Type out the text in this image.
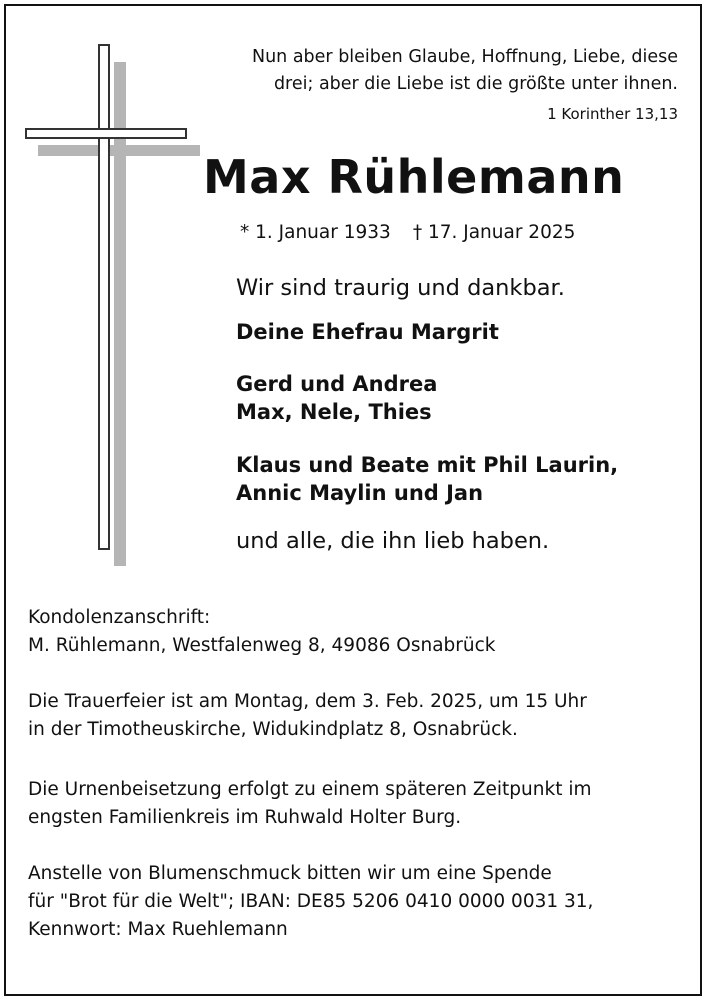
Nun aber bleiben Glaube, Hoffnung, Liebe, diese
drei; aber die Liebe ist die größte unter ihnen.
1 Korinther 13,13
Max Rühlemann
* 1. Januar 1933 † 17. Januar 2025
Wir sind traurig und dankbar.
Deine Ehefrau Margrit
Gerd und Andrea
Max, Nele, Thies
Klaus und Beate mit Phil Laurin,
Annic Maylin und Jan
und alle, die ihn lieb haben.
Kondolenzanschrift:
M. Rühlemann, Westfalenweg 8, 49086 Osnabrück
Die Trauerfeier ist am Montag, dem 3. Feb. 2025, um 15 Uhr
in der Timotheuskirche, Widukindplatz 8, Osnabrück.
Die Urnenbeisetzung erfolgt zu einem späteren Zeitpunkt im
engsten Familienkreis im Ruhwald Holter Burg.
Anstelle von Blumenschmuck bitten wir um eine Spende
für "Brot für die Welt"; IBAN: DE85 5206 0410 0000 0031 31,
Kennwort: Max Ruehlemann
